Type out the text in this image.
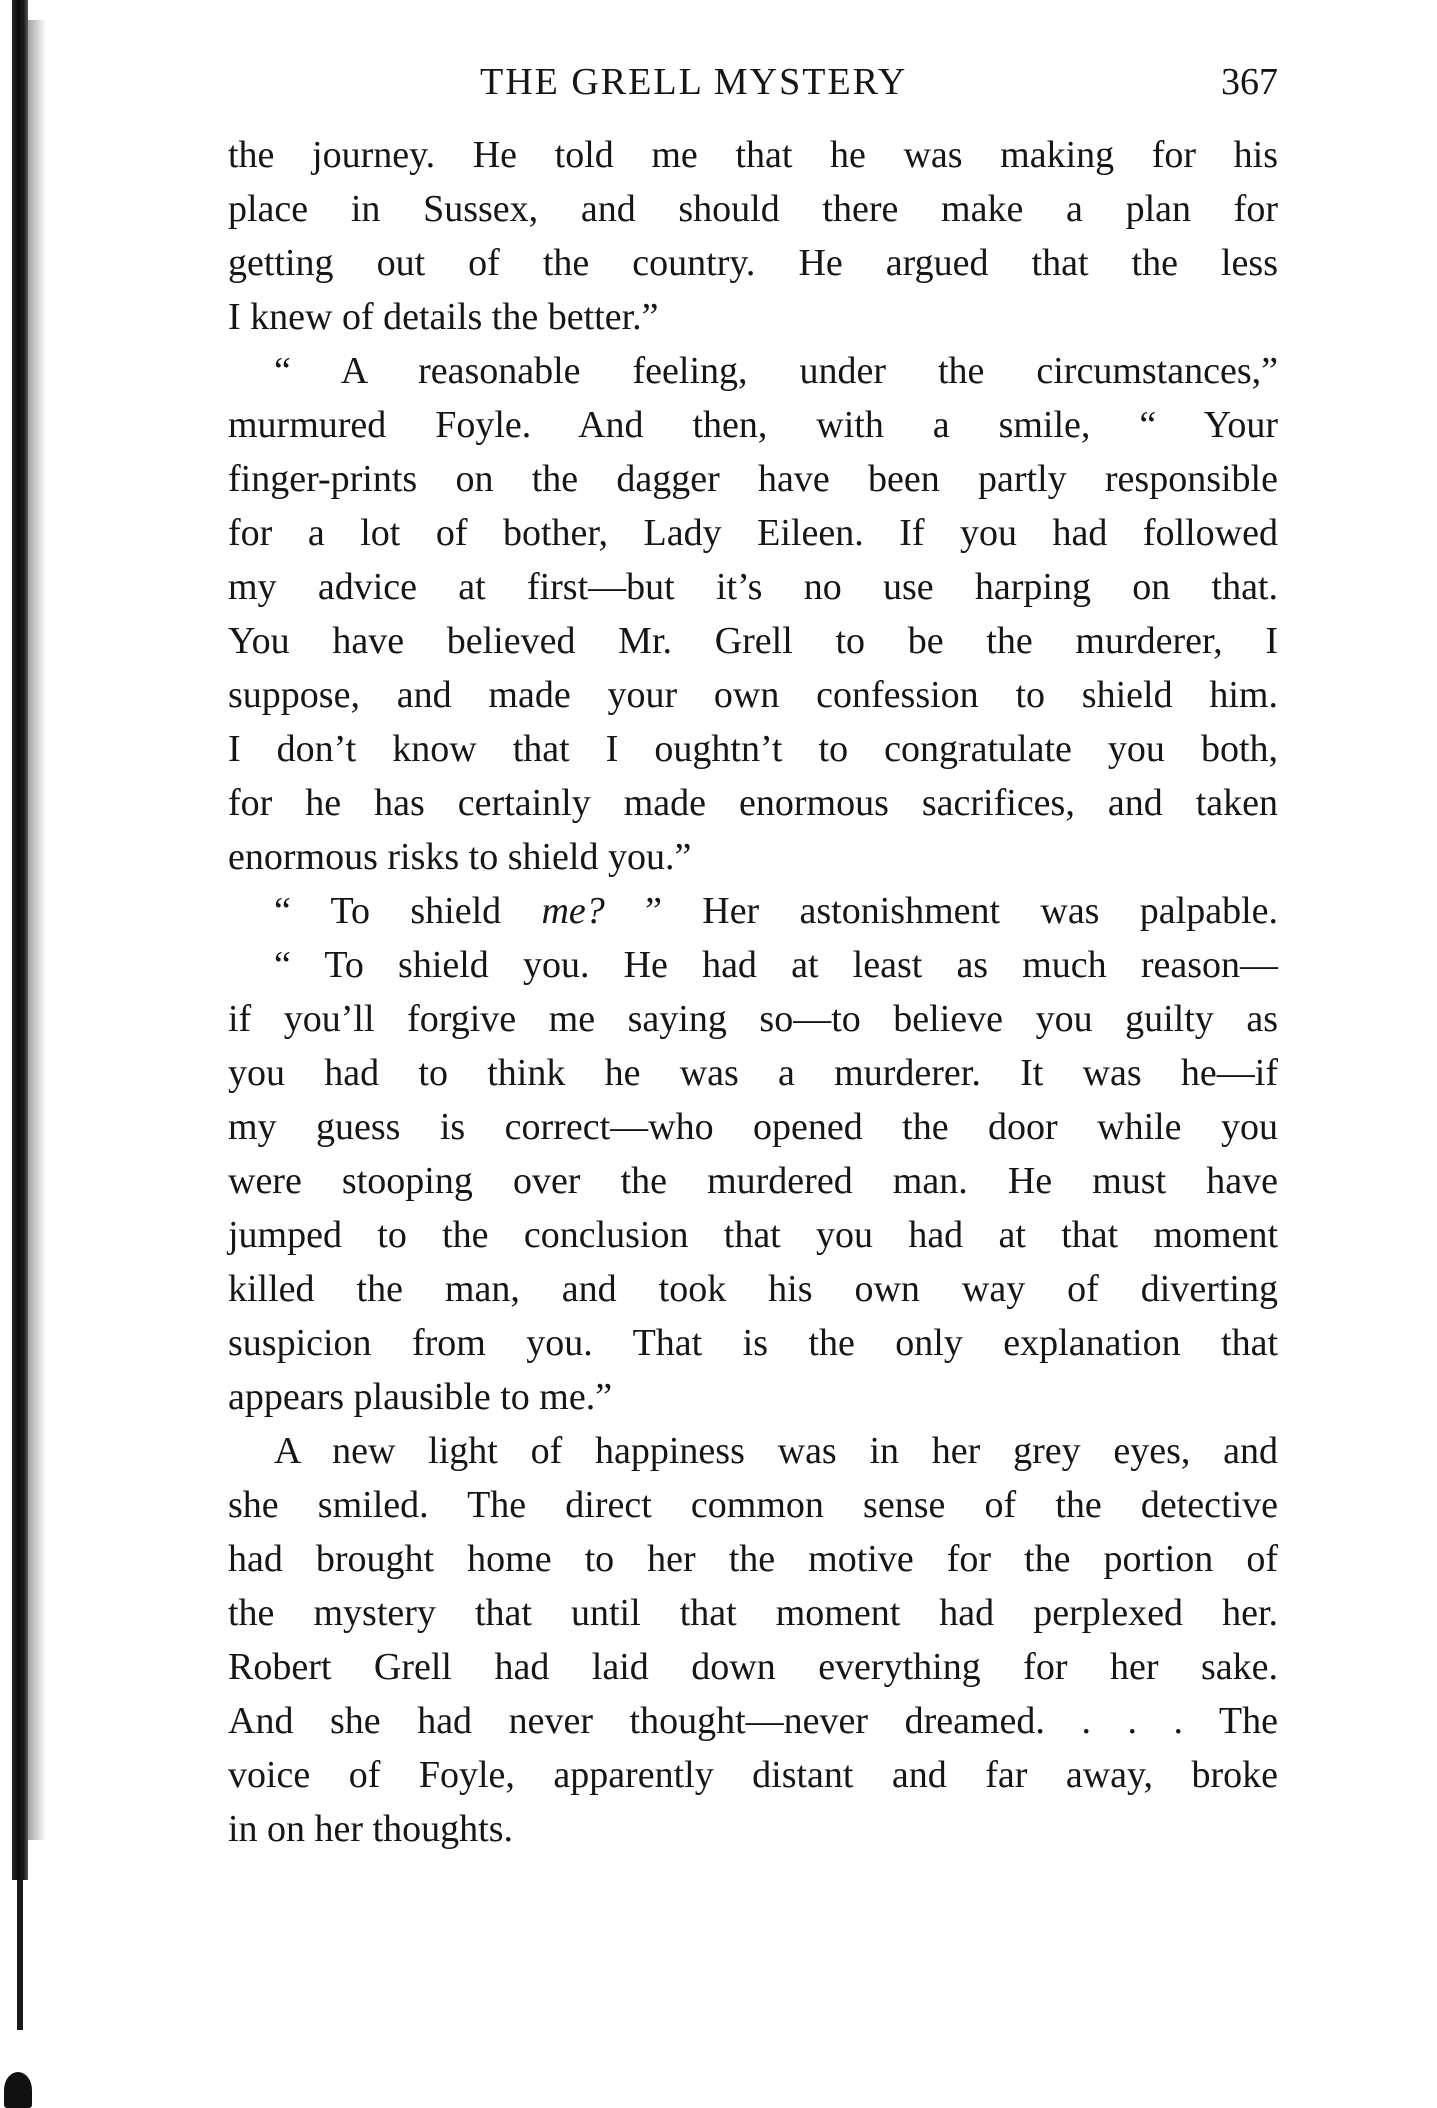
THE GRELL MYSTERY	367
the journey. He told me that he was making for his
place in Sussex, and should there make a plan for
getting out of the country. He argued that the less
I knew of details the better.”
“ A reasonable feeling, under the circumstances,”
murmured Foyle. And then, with a smile, “ Your
finger-prints on the dagger have been partly responsible
for a lot of bother, Lady Eileen. If you had followed
my advice at first—but it’s no use harping on that.
You have believed Mr. Grell to be the murderer, I
suppose, and made your own confession to shield him.
I don’t know that I oughtn’t to congratulate you both,
for he has certainly made enormous sacrifices, and taken
enormous risks to shield you.”
“ To shield me? ” Her astonishment was palpable.
“ To shield you. He had at least as much reason—
if you’ll forgive me saying so—to believe you guilty as
you had to think he was a murderer. It was he—if
my guess is correct—who opened the door while you
were stooping over the murdered man. He must have
jumped to the conclusion that you had at that moment
killed the man, and took his own way of diverting
suspicion from you. That is the only explanation that
appears plausible to me.”
A new light of happiness was in her grey eyes, and
she smiled. The direct common sense of the detective
had brought home to her the motive for the portion of
the mystery that until that moment had perplexed her.
Robert Grell had laid down everything for her sake.
And she had never thought—never dreamed. . . . The
voice of Foyle, apparently distant and far away, broke
in on her thoughts.
